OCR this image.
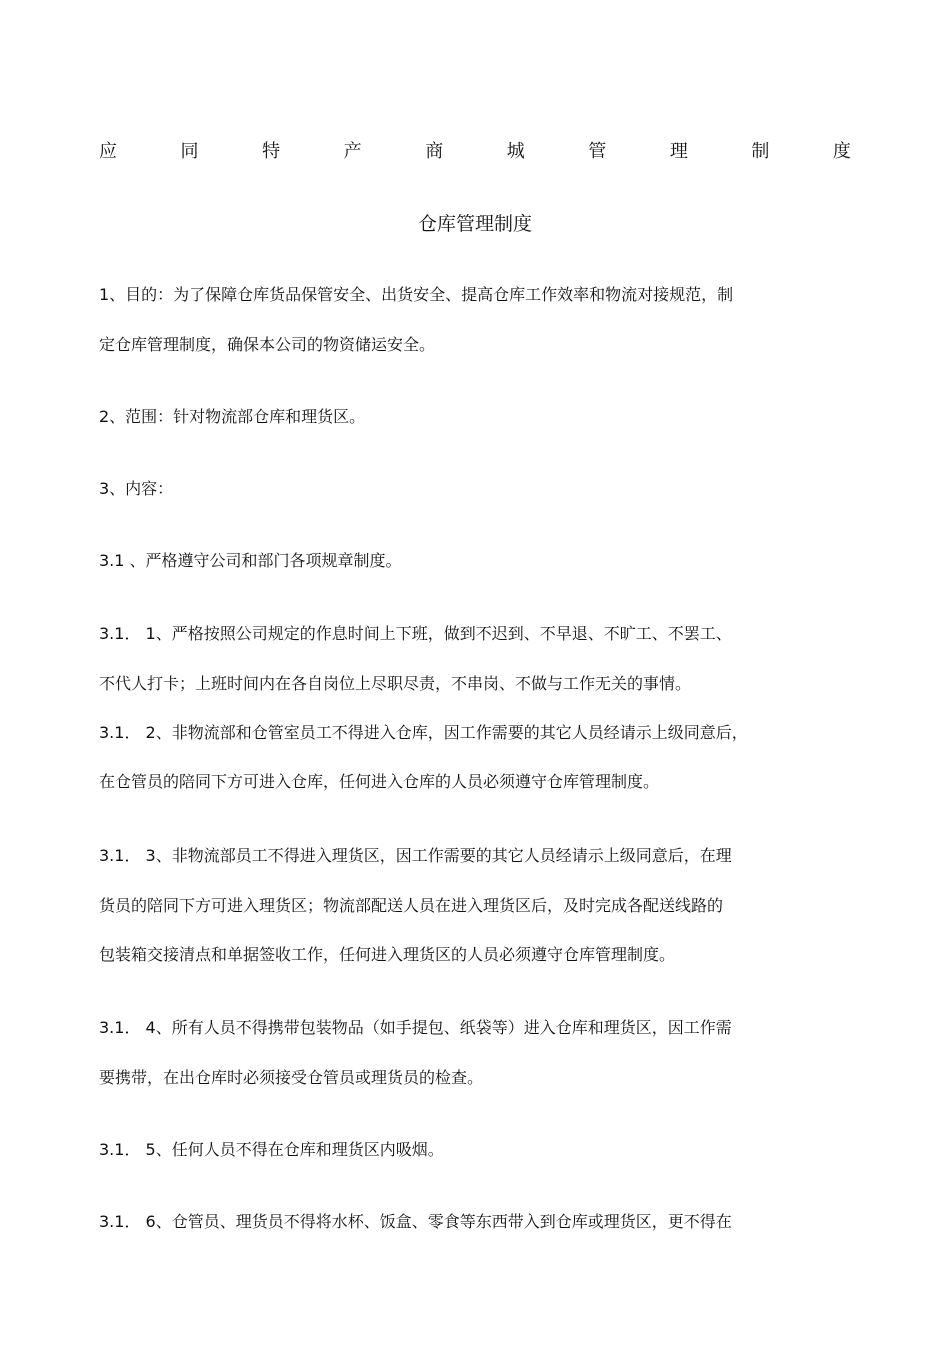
应	同	特	产	商	城	管	理	制	度
仓库管理制度
1、目的：为了保障仓库货品保管安全、出货安全、提高仓库工作效率和物流对接规范，制
定仓库管理制度，确保本公司的物资储运安全。
2、范围：针对物流部仓库和理货区。
3、内容：
3.1 、严格遵守公司和部门各项规章制度。
3.1． 1、严格按照公司规定的作息时间上下班，做到不迟到、不早退、不旷工、不罢工、
不代人打卡；上班时间内在各自岗位上尽职尽责，不串岗、不做与工作无关的事情。
3.1． 2、非物流部和仓管室员工不得进入仓库，因工作需要的其它人员经请示上级同意后，
在仓管员的陪同下方可进入仓库，任何进入仓库的人员必须遵守仓库管理制度。
3.1． 3、非物流部员工不得进入理货区，因工作需要的其它人员经请示上级同意后，在理
货员的陪同下方可进入理货区；物流部配送人员在进入理货区后，及时完成各配送线路的
包装箱交接清点和单据签收工作，任何进入理货区的人员必须遵守仓库管理制度。
3.1． 4、所有人员不得携带包装物品（如手提包、纸袋等）进入仓库和理货区，因工作需
要携带，在出仓库时必须接受仓管员或理货员的检查。
3.1． 5、任何人员不得在仓库和理货区内吸烟。
3.1． 6、仓管员、理货员不得将水杯、饭盒、零食等东西带入到仓库或理货区，更不得在
